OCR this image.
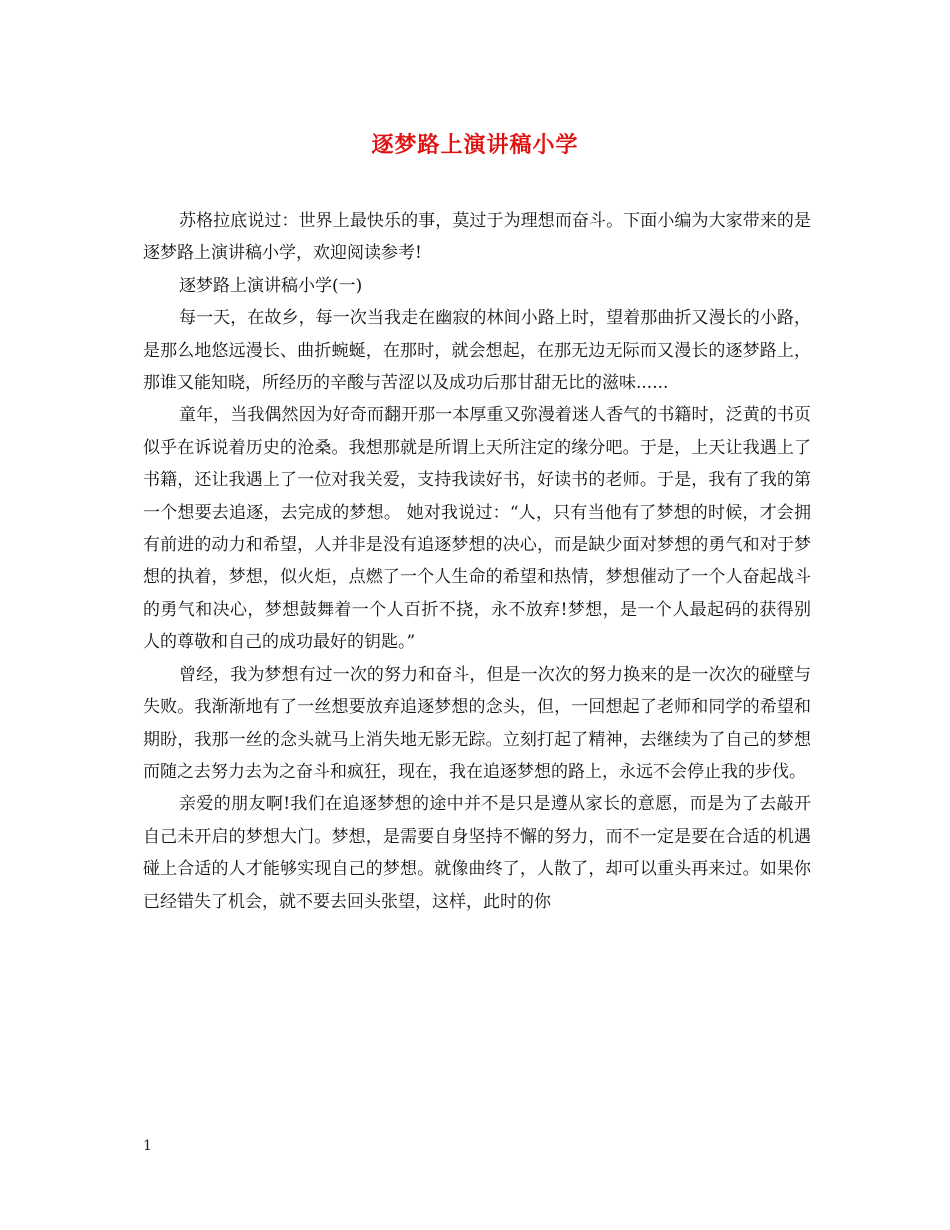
逐梦路上演讲稿小学

苏格拉底说过：世界上最快乐的事，莫过于为理想而奋斗。下面小编为大家带来的是逐梦路上演讲稿小学，欢迎阅读参考!

逐梦路上演讲稿小学(一)

每一天，在故乡，每一次当我走在幽寂的林间小路上时，望着那曲折又漫长的小路，是那么地悠远漫长、曲折蜿蜒，在那时，就会想起，在那无边无际而又漫长的逐梦路上，那谁又能知晓，所经历的辛酸与苦涩以及成功后那甘甜无比的滋味......

童年，当我偶然因为好奇而翻开那一本厚重又弥漫着迷人香气的书籍时，泛黄的书页似乎在诉说着历史的沧桑。我想那就是所谓上天所注定的缘分吧。于是，上天让我遇上了书籍，还让我遇上了一位对我关爱，支持我读好书，好读书的老师。于是，我有了我的第一个想要去追逐，去完成的梦想。 她对我说过：“人，只有当他有了梦想的时候，才会拥有前进的动力和希望，人并非是没有追逐梦想的决心，而是缺少面对梦想的勇气和对于梦想的执着，梦想，似火炬，点燃了一个人生命的希望和热情，梦想催动了一个人奋起战斗的勇气和决心，梦想鼓舞着一个人百折不挠，永不放弃!梦想，是一个人最起码的获得别人的尊敬和自己的成功最好的钥匙。”

曾经，我为梦想有过一次的努力和奋斗，但是一次次的努力换来的是一次次的碰壁与失败。我渐渐地有了一丝想要放弃追逐梦想的念头，但，一回想起了老师和同学的希望和期盼，我那一丝的念头就马上消失地无影无踪。立刻打起了精神，去继续为了自己的梦想而随之去努力去为之奋斗和疯狂，现在，我在追逐梦想的路上，永远不会停止我的步伐。

亲爱的朋友啊!我们在追逐梦想的途中并不是只是遵从家长的意愿，而是为了去敲开自己未开启的梦想大门。梦想，是需要自身坚持不懈的努力，而不一定是要在合适的机遇碰上合适的人才能够实现自己的梦想。就像曲终了，人散了，却可以重头再来过。如果你已经错失了机会，就不要去回头张望，这样，此时的你

1
